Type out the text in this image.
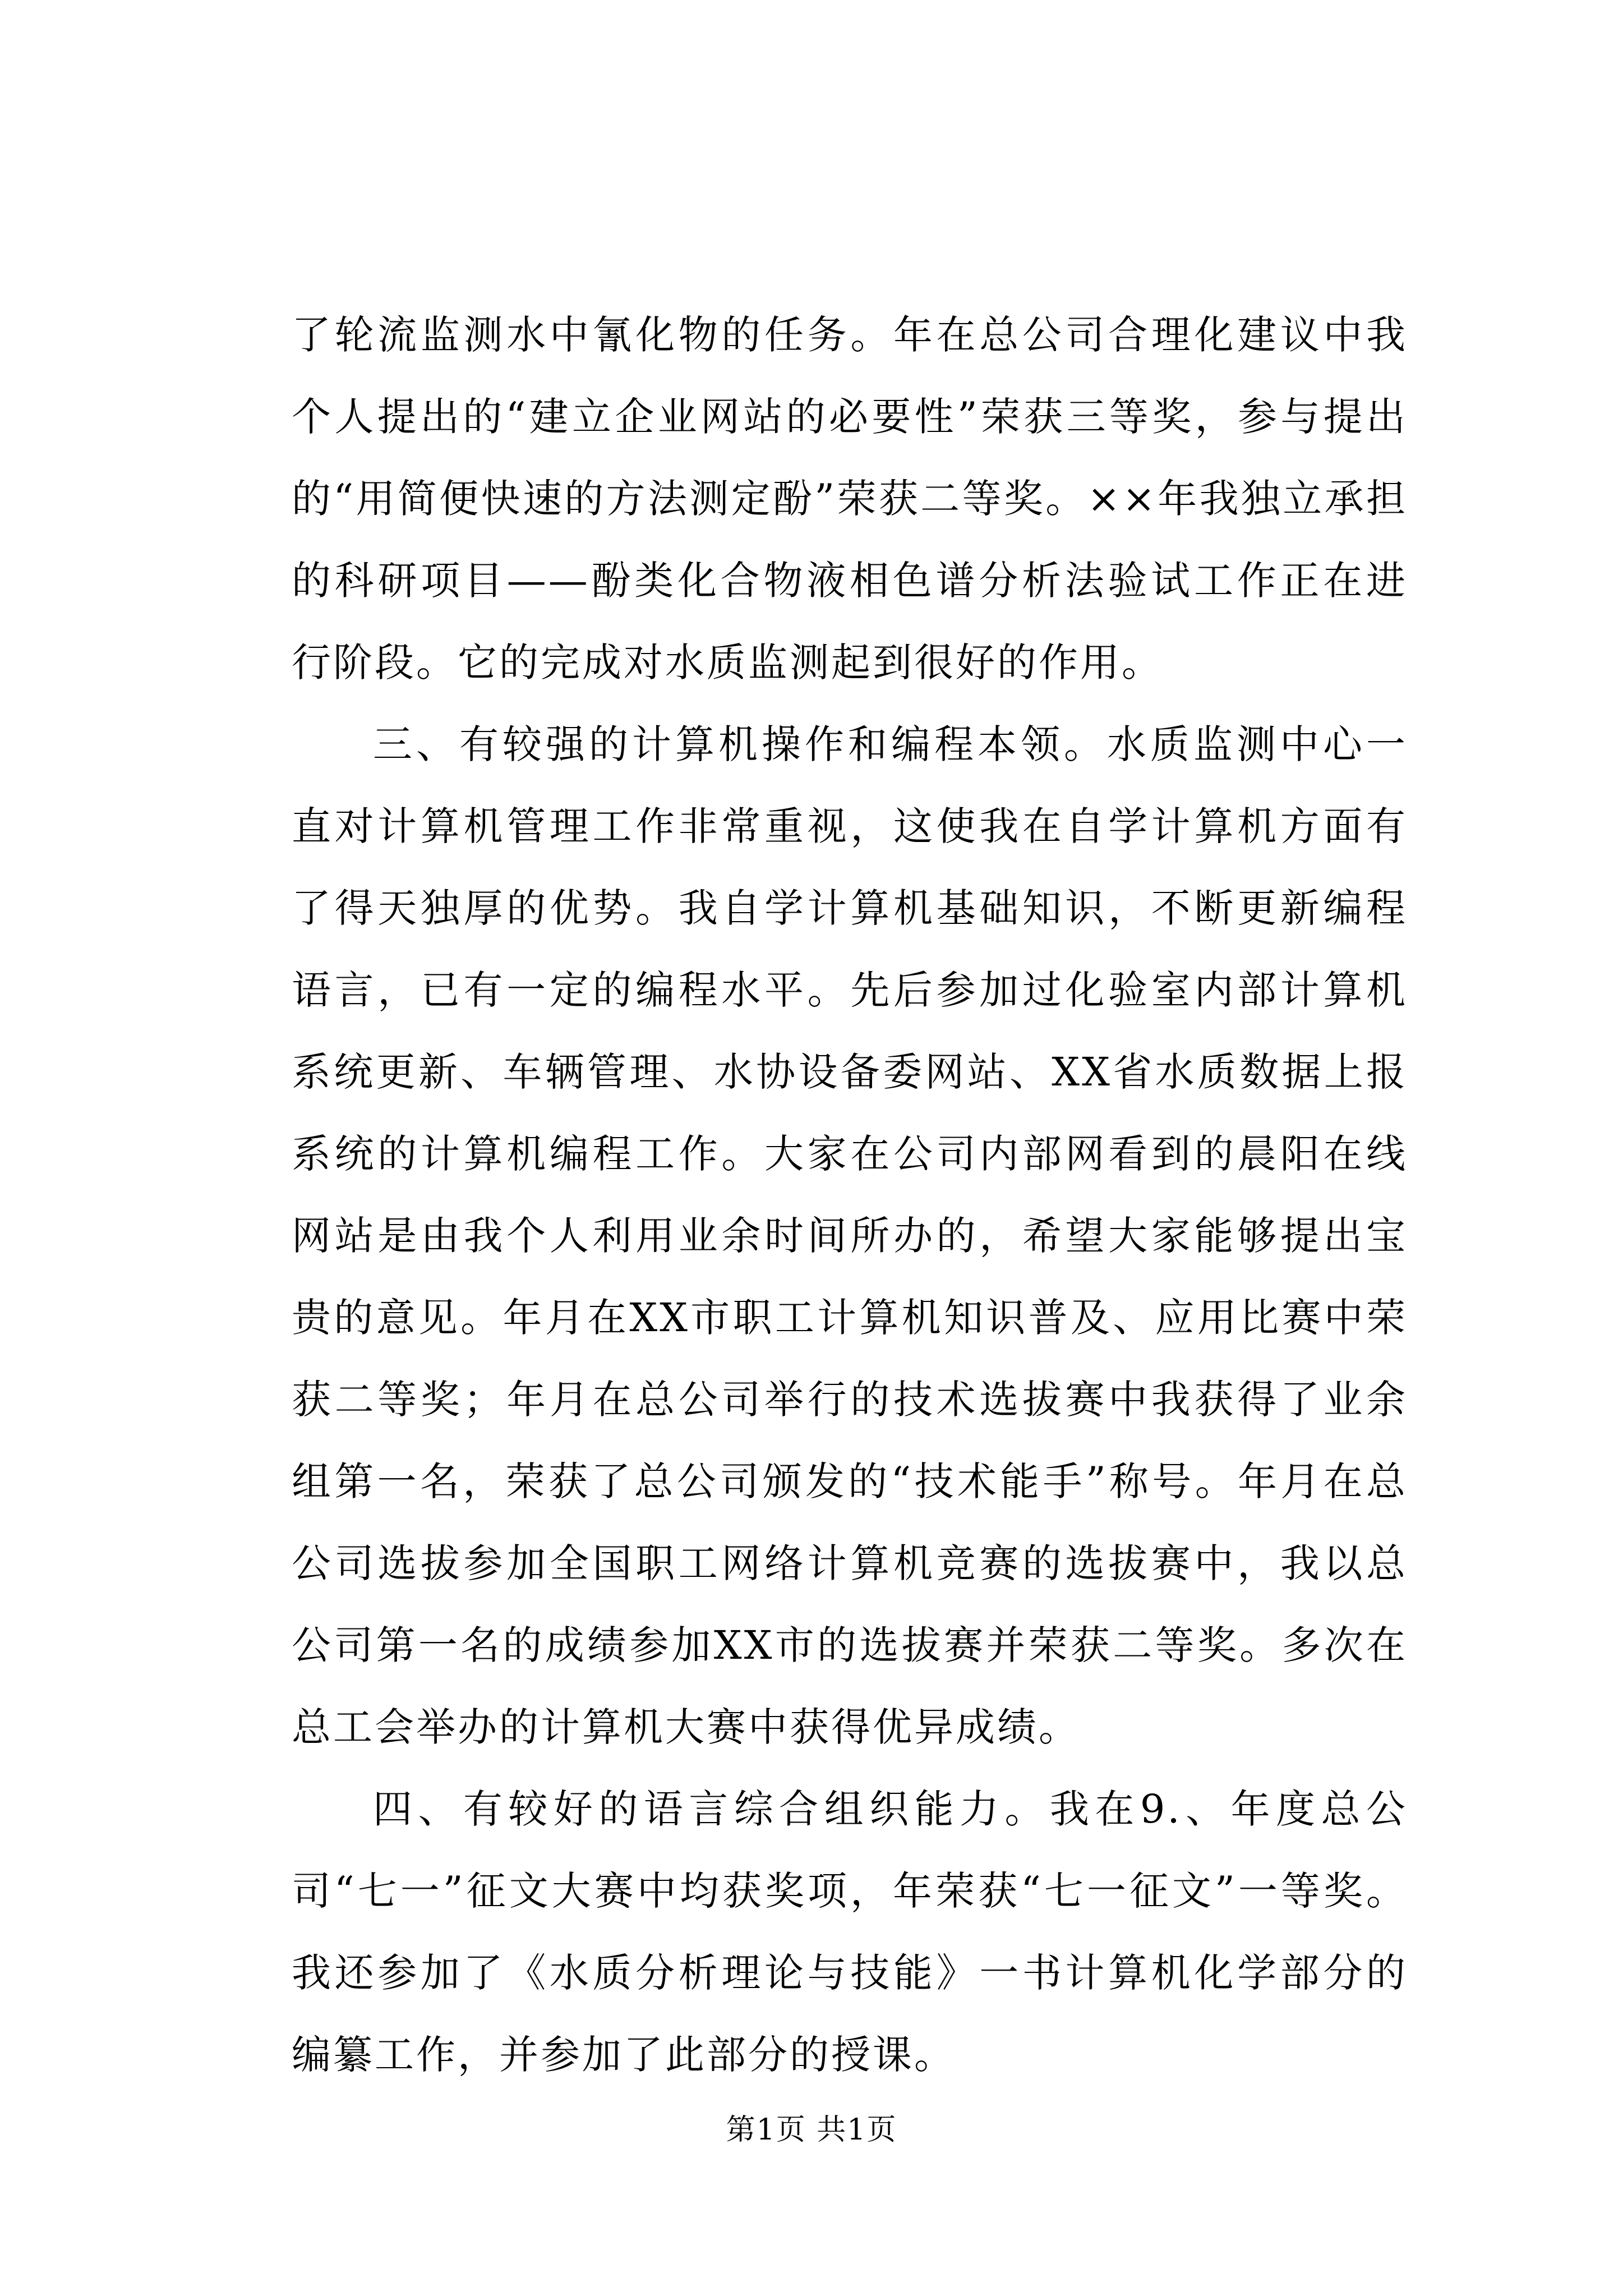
了轮流监测水中氰化物的任务。年在总公司合理化建议中我个人提出的“建立企业网站的必要性”荣获三等奖，参与提出的“用简便快速的方法测定酚”荣获二等奖。××年我独立承担的科研项目——酚类化合物液相色谱分析法验试工作正在进行阶段。它的完成对水质监测起到很好的作用。

三、有较强的计算机操作和编程本领。水质监测中心一直对计算机管理工作非常重视，这使我在自学计算机方面有了得天独厚的优势。我自学计算机基础知识，不断更新编程语言，已有一定的编程水平。先后参加过化验室内部计算机系统更新、车辆管理、水协设备委网站、XX省水质数据上报系统的计算机编程工作。大家在公司内部网看到的晨阳在线网站是由我个人利用业余时间所办的，希望大家能够提出宝贵的意见。年月在XX市职工计算机知识普及、应用比赛中荣获二等奖；年月在总公司举行的技术选拔赛中我获得了业余组第一名，荣获了总公司颁发的“技术能手”称号。年月在总公司选拔参加全国职工网络计算机竞赛的选拔赛中，我以总公司第一名的成绩参加XX市的选拔赛并荣获二等奖。多次在总工会举办的计算机大赛中获得优异成绩。

四、有较好的语言综合组织能力。我在9.、年度总公司“七一”征文大赛中均获奖项，年荣获“七一征文”一等奖。我还参加了《水质分析理论与技能》一书计算机化学部分的编纂工作，并参加了此部分的授课。

第1页 共1页
